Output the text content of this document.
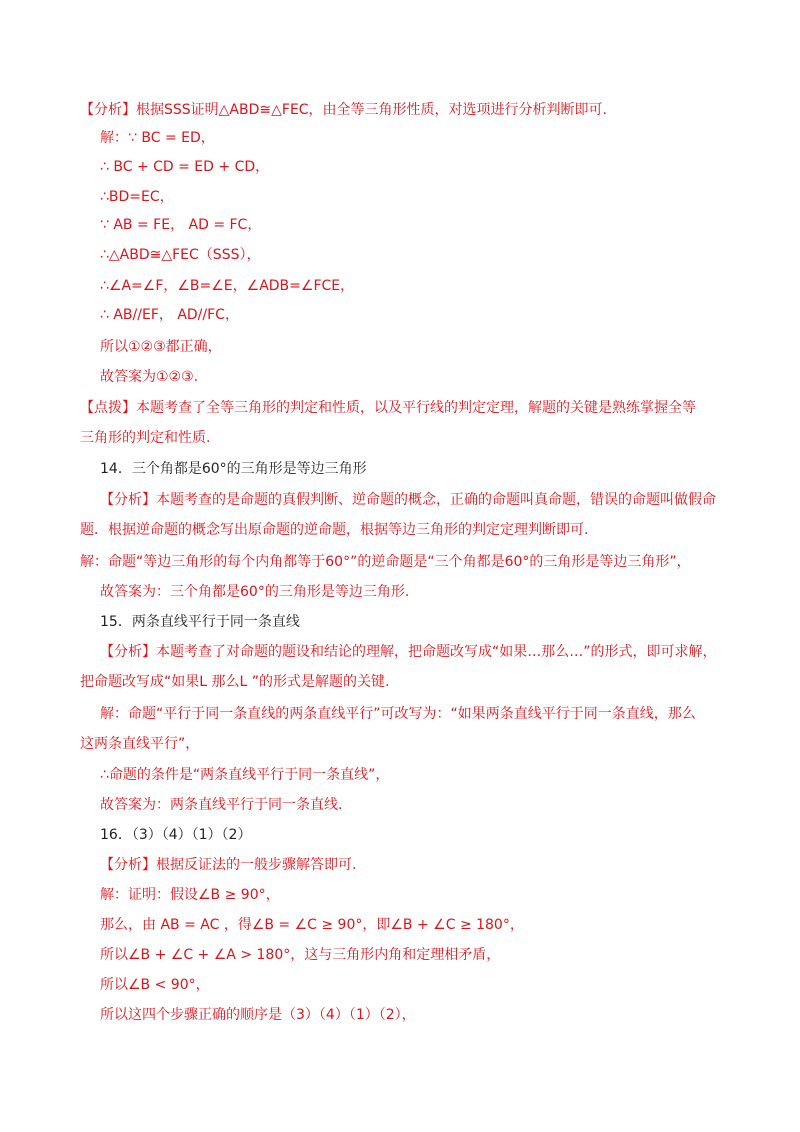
【分析】根据SSS证明△ABD≅△FEC，由全等三角形性质，对选项进行分析判断即可.
解：∵ BC = ED，
∴ BC + CD = ED + CD，
∴BD=EC，
∵ AB = FE， AD = FC，
∴△ABD≅△FEC（SSS），
∴∠A=∠F，∠B=∠E，∠ADB=∠FCE，
∴ AB//EF， AD//FC，
所以①②③都正确，
故答案为①②③.
【点拨】本题考查了全等三角形的判定和性质，以及平行线的判定定理，解题的关键是熟练掌握全等
三角形的判定和性质.
14．三个角都是60°的三角形是等边三角形
【分析】本题考查的是命题的真假判断、逆命题的概念，正确的命题叫真命题，错误的命题叫做假命
题．根据逆命题的概念写出原命题的逆命题，根据等边三角形的判定定理判断即可.
解：命题“等边三角形的每个内角都等于60°”的逆命题是“三个角都是60°的三角形是等边三角形”，
故答案为：三个角都是60°的三角形是等边三角形.
15．两条直线平行于同一条直线
【分析】本题考查了对命题的题设和结论的理解，把命题改写成“如果…那么…”的形式，即可求解，
把命题改写成“如果ᒪ 那么ᒪ ”的形式是解题的关键.
解：命题“平行于同一条直线的两条直线平行”可改写为：“如果两条直线平行于同一条直线，那么
这两条直线平行”，
∴命题的条件是“两条直线平行于同一条直线”，
故答案为：两条直线平行于同一条直线.
16．（3）（4）（1）（2）
【分析】根据反证法的一般步骤解答即可.
解：证明：假设∠B ≥ 90°，
那么，由 AB = AC ，得∠B = ∠C ≥ 90°，即∠B + ∠C ≥ 180°，
所以∠B + ∠C + ∠A > 180°，这与三角形内角和定理相矛盾，
所以∠B < 90°，
所以这四个步骤正确的顺序是（3）（4）（1）（2），
